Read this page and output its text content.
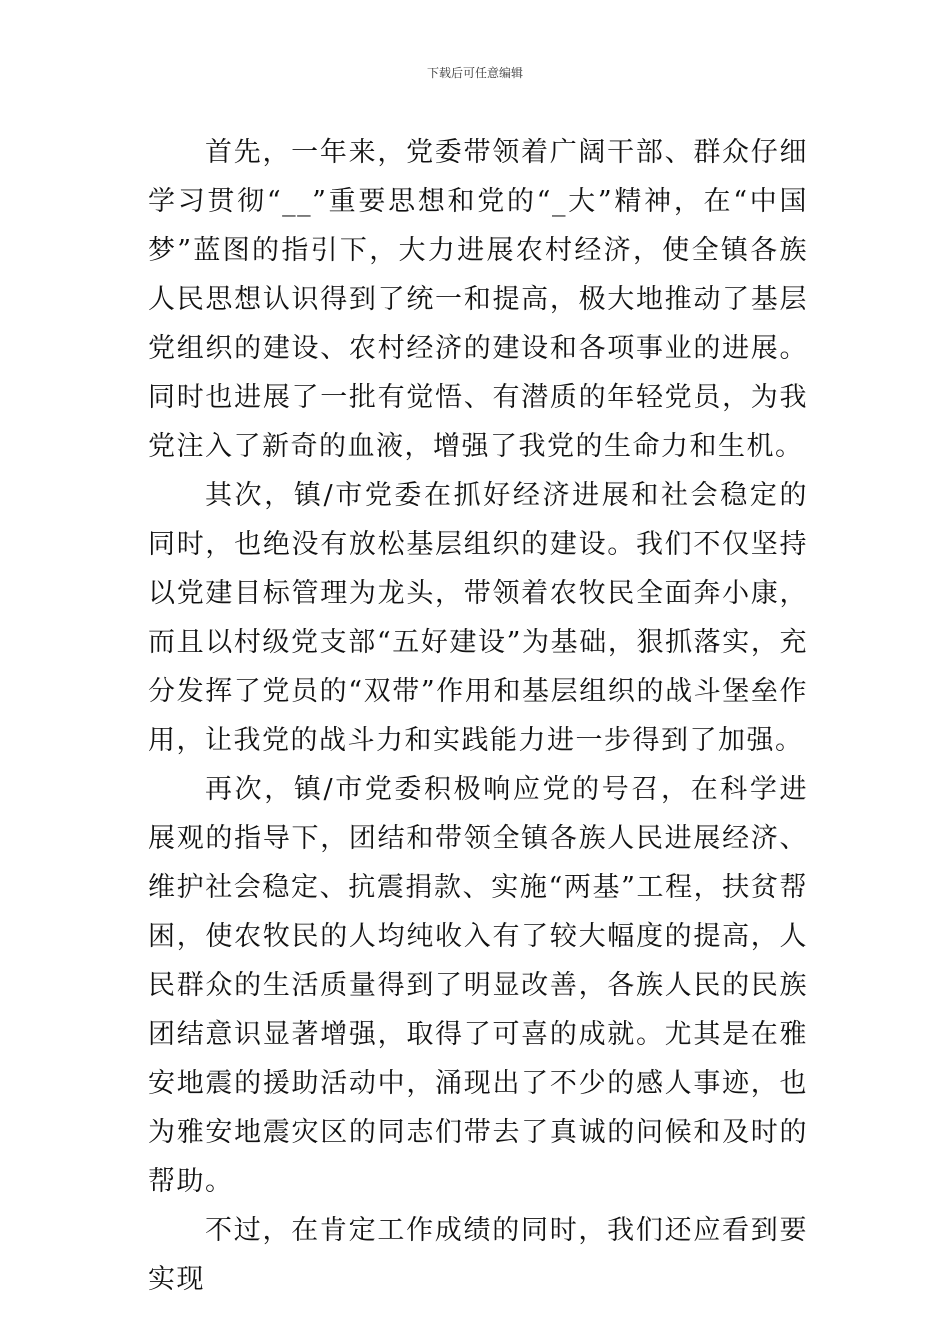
下载后可任意编辑

首先，一年来，党委带领着广阔干部、群众仔细学习贯彻“__”重要思想和党的“_大”精神，在“中国梦”蓝图的指引下，大力进展农村经济，使全镇各族人民思想认识得到了统一和提高，极大地推动了基层党组织的建设、农村经济的建设和各项事业的进展。同时也进展了一批有觉悟、有潜质的年轻党员，为我党注入了新奇的血液，增强了我党的生命力和生机。

其次，镇/市党委在抓好经济进展和社会稳定的同时，也绝没有放松基层组织的建设。我们不仅坚持以党建目标管理为龙头，带领着农牧民全面奔小康，而且以村级党支部“五好建设”为基础，狠抓落实，充分发挥了党员的“双带”作用和基层组织的战斗堡垒作用，让我党的战斗力和实践能力进一步得到了加强。

再次，镇/市党委积极响应党的号召，在科学进展观的指导下，团结和带领全镇各族人民进展经济、维护社会稳定、抗震捐款、实施“两基”工程，扶贫帮困，使农牧民的人均纯收入有了较大幅度的提高，人民群众的生活质量得到了明显改善，各族人民的民族团结意识显著增强，取得了可喜的成就。尤其是在雅安地震的援助活动中，涌现出了不少的感人事迹，也为雅安地震灾区的同志们带去了真诚的问候和及时的帮助。

不过，在肯定工作成绩的同时，我们还应看到要实现
